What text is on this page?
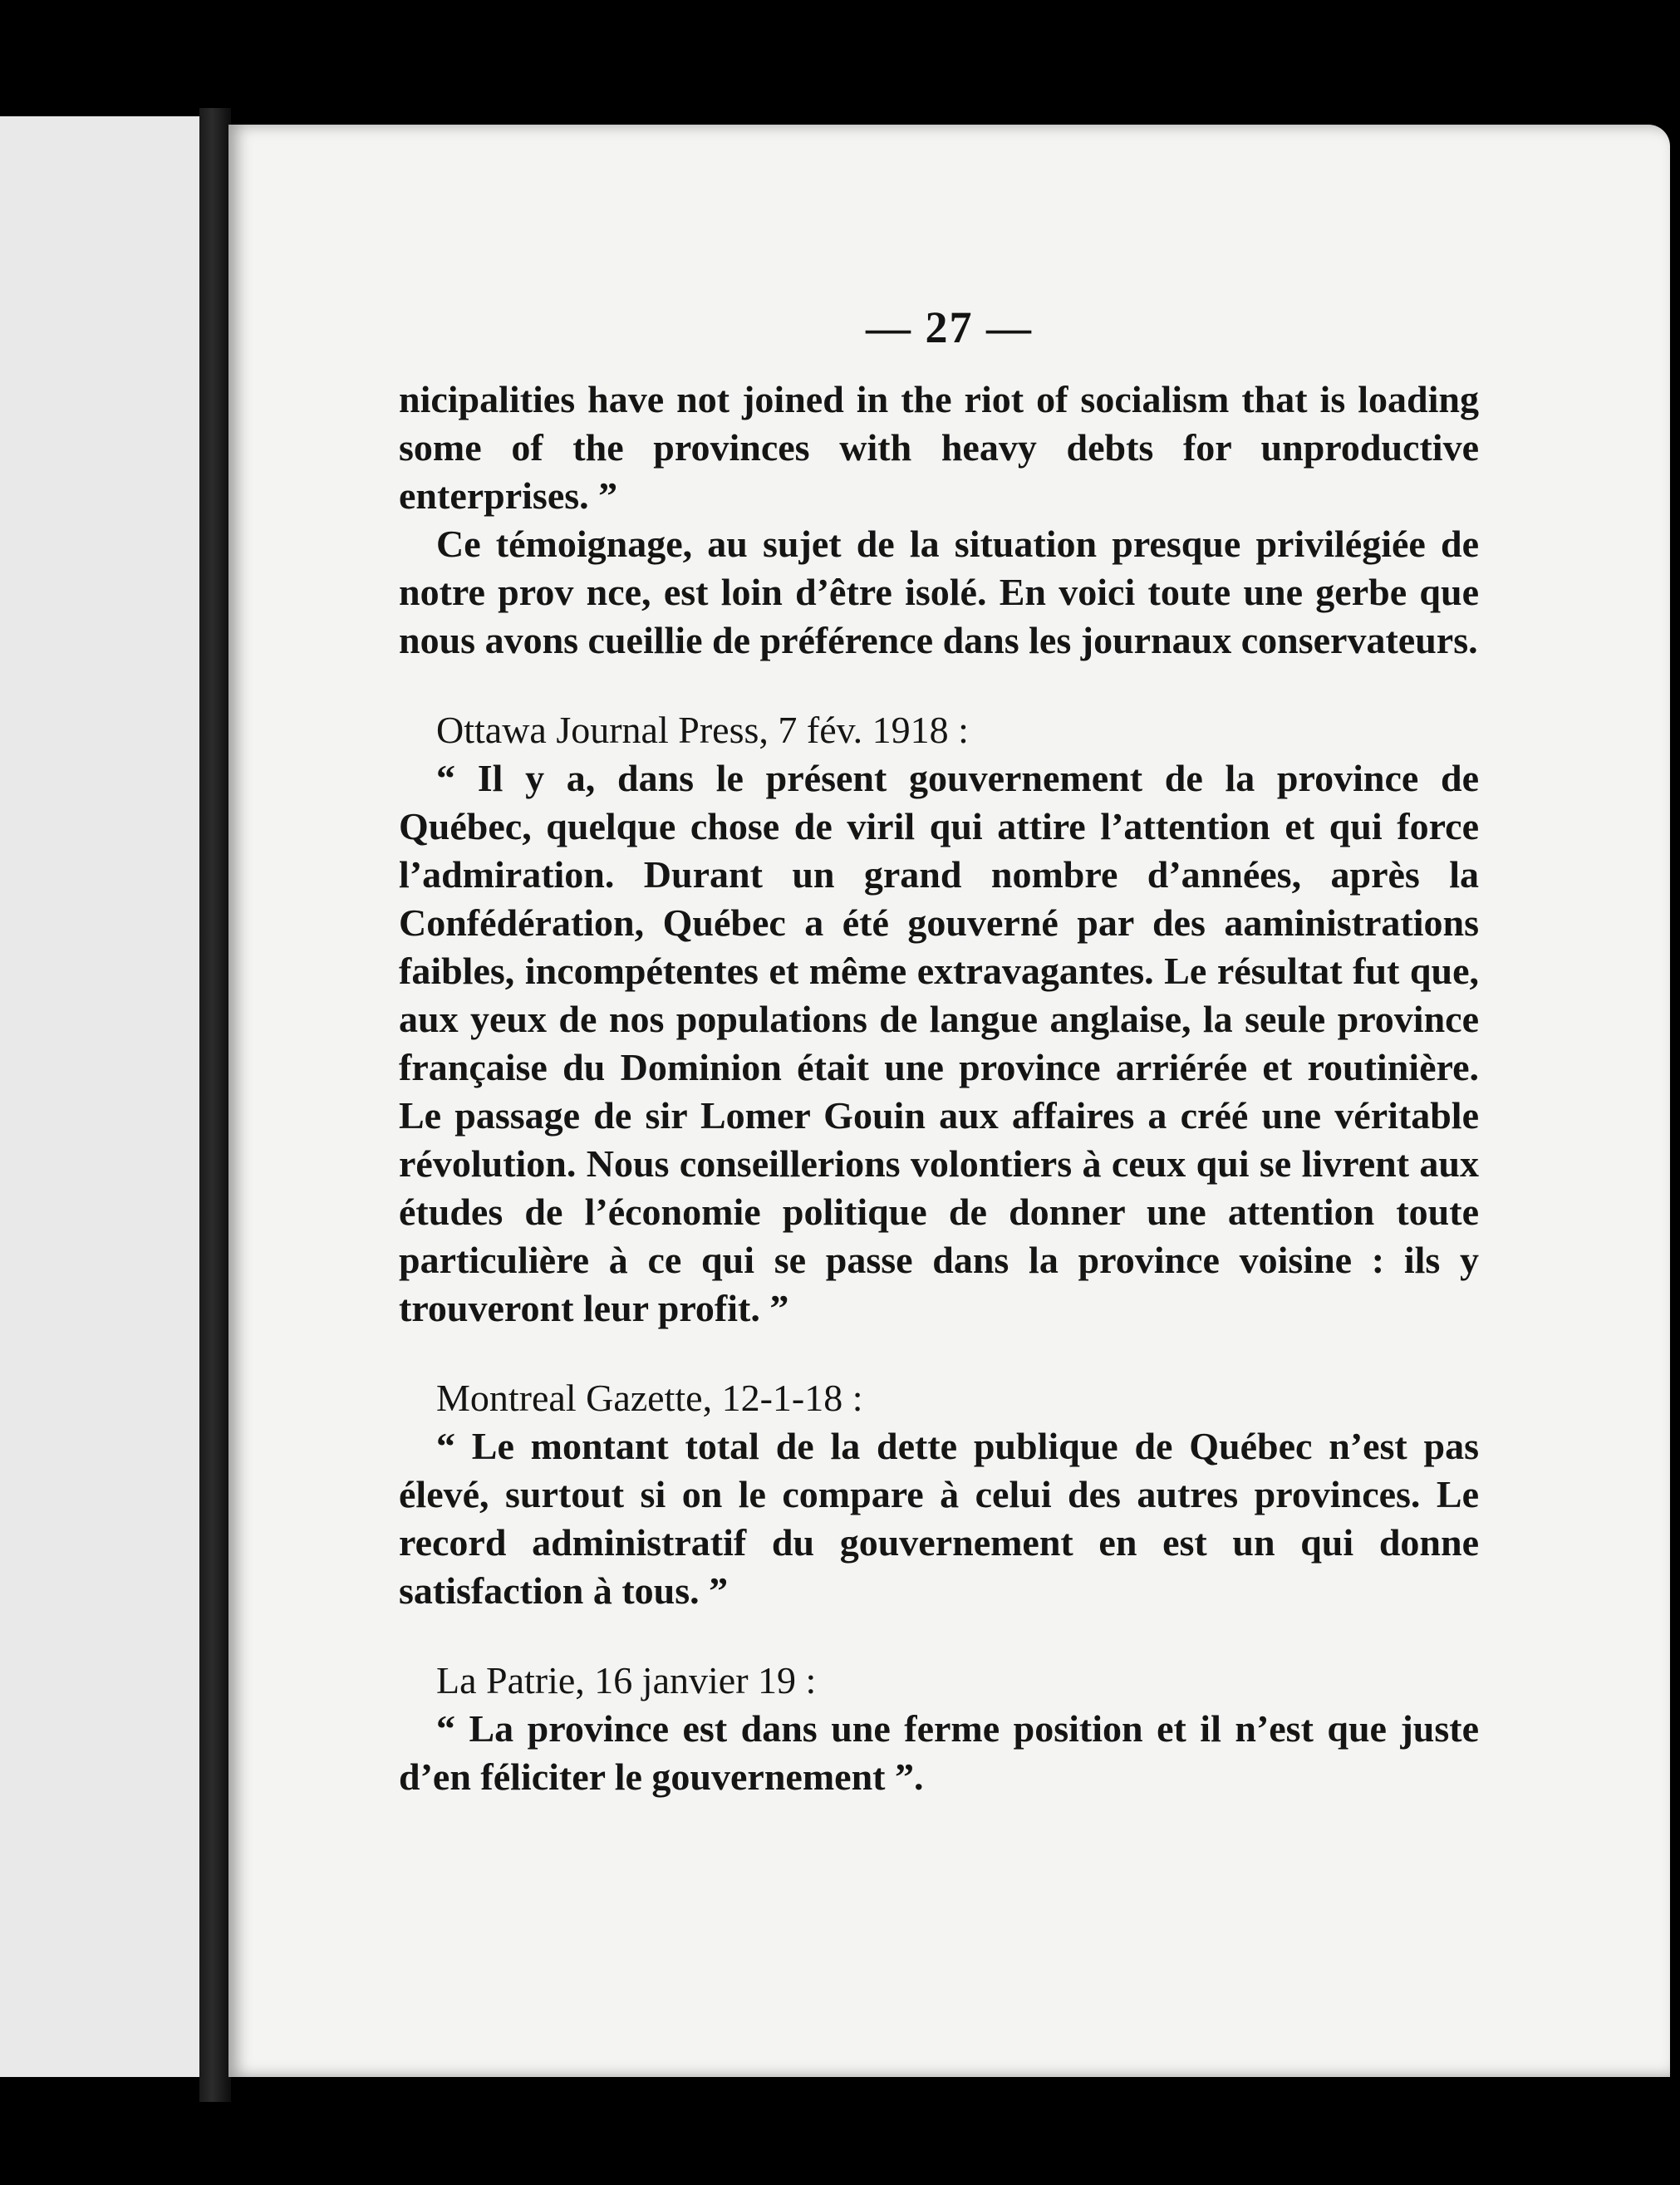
— 27 —

nicipalities have not joined in the riot of socialism that is loading some of the provinces with heavy debts for unproductive enterprises. ”

Ce témoignage, au sujet de la situation presque privilégiée de notre prov nce, est loin d’être isolé. En voici toute une gerbe que nous avons cueillie de préférence dans les journaux conservateurs.

Ottawa Journal Press, 7 fév. 1918 :

“ Il y a, dans le présent gouvernement de la province de Québec, quelque chose de viril qui attire l’attention et qui force l’admiration. Durant un grand nombre d’années, après la Confédération, Québec a été gouverné par des aaministrations faibles, incompétentes et même extravagantes. Le résultat fut que, aux yeux de nos populations de langue anglaise, la seule province française du Dominion était une province arriérée et routinière. Le passage de sir Lomer Gouin aux affaires a créé une véritable révolution. Nous conseillerions volontiers à ceux qui se livrent aux études de l’économie politique de donner une attention toute particulière à ce qui se passe dans la province voisine : ils y trouveront leur profit. ”

Montreal Gazette, 12-1-18 :

“ Le montant total de la dette publique de Québec n’est pas élevé, surtout si on le compare à celui des autres provinces. Le record administratif du gouvernement en est un qui donne satisfaction à tous. ”

La Patrie, 16 janvier 19 :

“ La province est dans une ferme position et il n’est que juste d’en féliciter le gouvernement ”.
